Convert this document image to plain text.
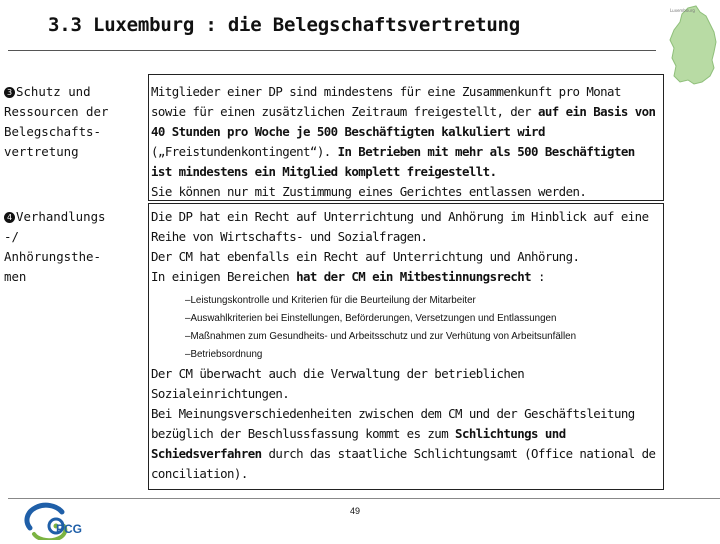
3.3 Luxemburg : die Belegschaftsvertretung
Luxembourg
3 Schutz und
Ressourcen der
Belegschafts-
vertretung

Mitglieder einer DP sind mindestens für eine Zusammenkunft pro Monat sowie für einen zusätzlichen Zeitraum freigestellt, der auf ein Basis von 40 Stunden pro Woche je 500 Beschäftigten kalkuliert wird („Freistundenkontingent“). In Betrieben mit mehr als 500 Beschäftigten ist mindestens ein Mitglied komplett freigestellt.

Sie können nur mit Zustimmung eines Gerichtes entlassen werden.

4 Verhandlungs
-/
Anhörungsthe-
men

Die DP hat ein Recht auf Unterrichtung und Anhörung im Hinblick auf eine Reihe von Wirtschafts- und Sozialfragen.

Der CM hat ebenfalls ein Recht auf Unterrichtung und Anhörung.

In einigen Bereichen hat der CM ein Mitbestinnungsrecht :

–Leistungskontrolle und Kriterien für die Beurteilung der Mitarbeiter
–Auswahlkriterien bei Einstellungen, Beförderungen, Versetzungen und Entlassungen
–Maßnahmen zum Gesundheits- und Arbeitsschutz und zur Verhütung von Arbeitsunfällen
–Betriebsordnung

Der CM überwacht auch die Verwaltung der betrieblichen Sozialeinrichtungen.

Bei Meinungsverschiedenheiten zwischen dem CM und der Geschäftsleitung bezüglich der Beschlussfassung kommt es zum Schlichtungs und Schiedsverfahren durch das staatliche Schlichtungsamt (Office national de conciliation).

49
PCG
